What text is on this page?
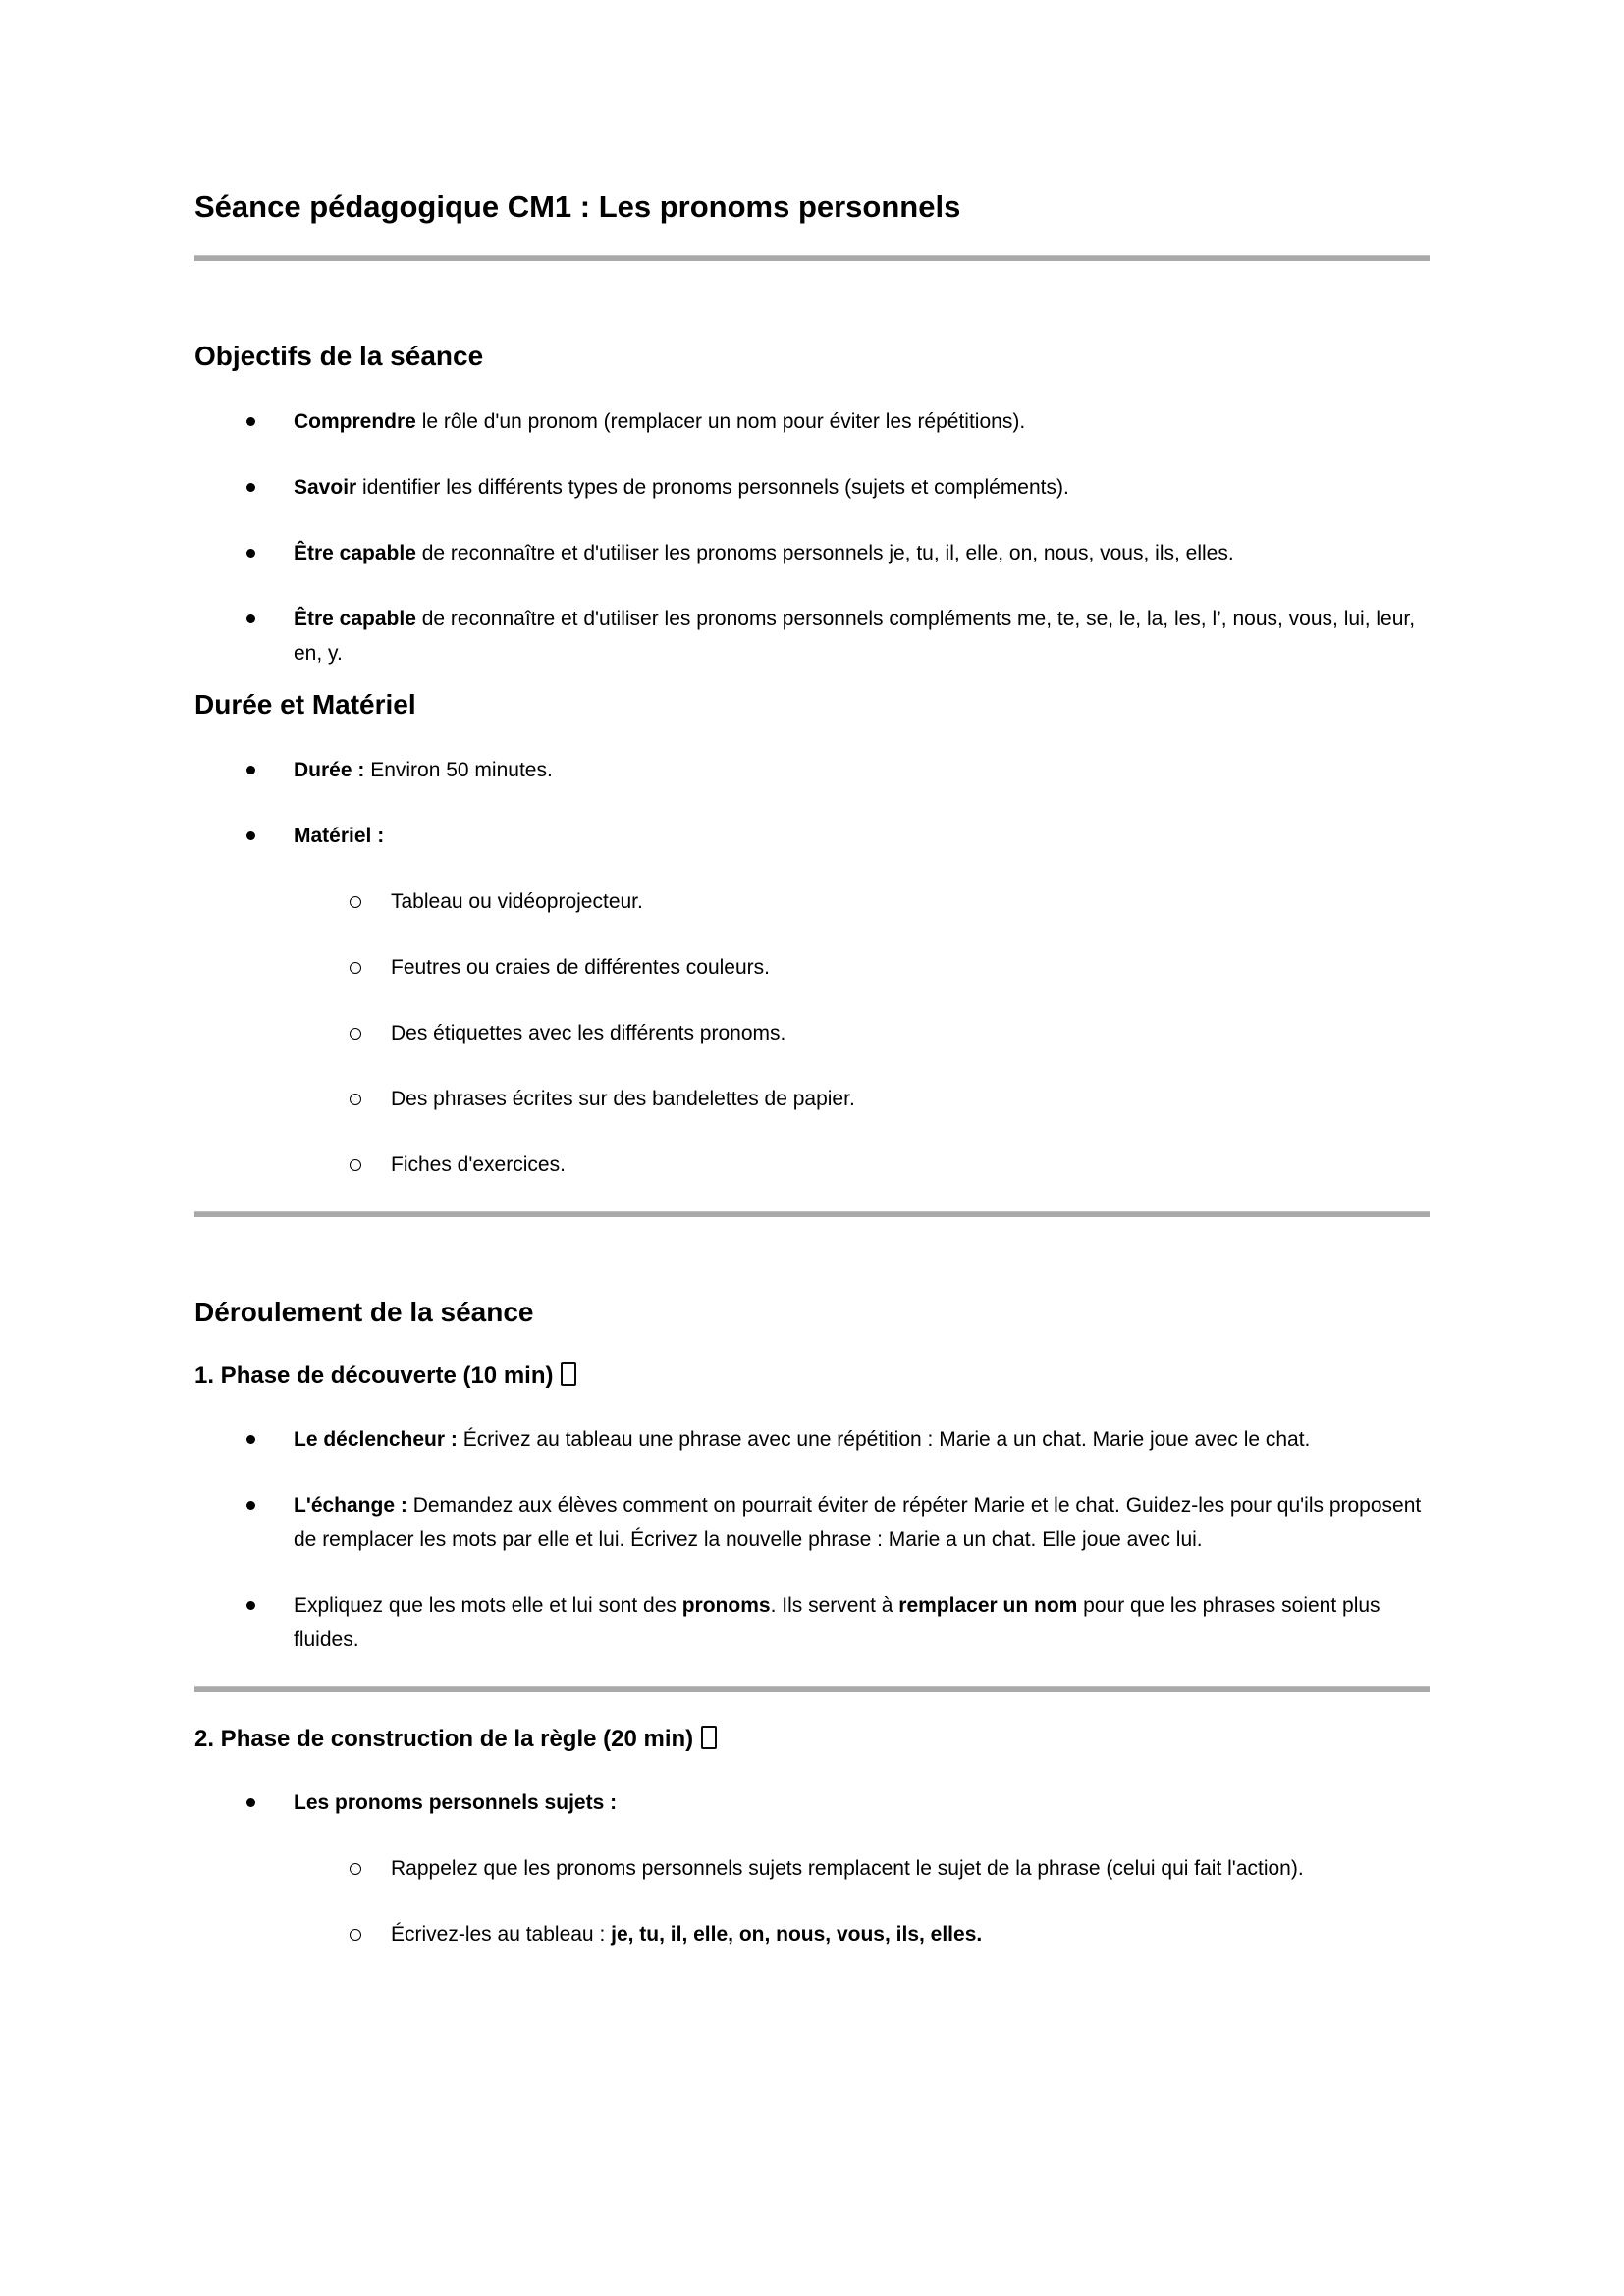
Séance pédagogique CM1 : Les pronoms personnels
Objectifs de la séance
Comprendre le rôle d'un pronom (remplacer un nom pour éviter les répétitions).
Savoir identifier les différents types de pronoms personnels (sujets et compléments).
Être capable de reconnaître et d'utiliser les pronoms personnels je, tu, il, elle, on, nous, vous, ils, elles.
Être capable de reconnaître et d'utiliser les pronoms personnels compléments me, te, se, le, la, les, l’, nous, vous, lui, leur, en, y.
Durée et Matériel
Durée : Environ 50 minutes.
Matériel :
Tableau ou vidéoprojecteur.
Feutres ou craies de différentes couleurs.
Des étiquettes avec les différents pronoms.
Des phrases écrites sur des bandelettes de papier.
Fiches d'exercices.
Déroulement de la séance
1. Phase de découverte (10 min)
Le déclencheur : Écrivez au tableau une phrase avec une répétition : Marie a un chat. Marie joue avec le chat.
L'échange : Demandez aux élèves comment on pourrait éviter de répéter Marie et le chat. Guidez-les pour qu'ils proposent de remplacer les mots par elle et lui. Écrivez la nouvelle phrase : Marie a un chat. Elle joue avec lui.
Expliquez que les mots elle et lui sont des pronoms. Ils servent à remplacer un nom pour que les phrases soient plus fluides.
2. Phase de construction de la règle (20 min)
Les pronoms personnels sujets :
Rappelez que les pronoms personnels sujets remplacent le sujet de la phrase (celui qui fait l'action).
Écrivez-les au tableau : je, tu, il, elle, on, nous, vous, ils, elles.
